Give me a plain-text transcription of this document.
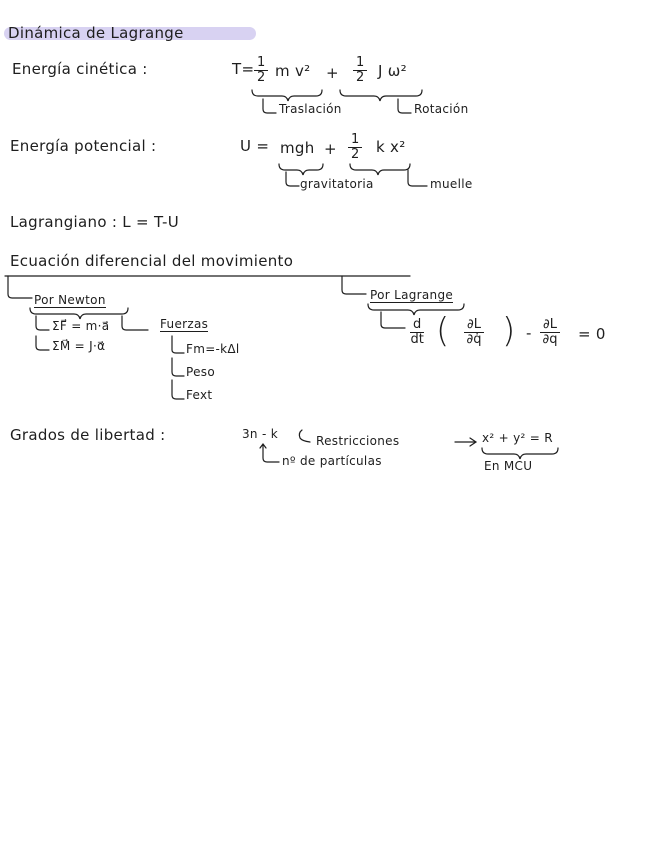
Dinámica de Lagrange
Energía cinética :	$T= \frac{1}{2}$ m $v^2 + \frac{1}{2}$ J ω²
Traslación	Rotación
Energía potencial :	U = mgh + $\frac{1}{2}$ k x²
gravitatoria	muelle
Lagrangiano : L = T-U
Ecuación diferencial del movimiento
Por Newton
ΣF⃗ = m·a⃗
ΣM⃗ = J·α⃗
Fuerzas
Fm=-kΔl
Peso
Fext
Por Lagrange
$\frac{d}{dt}$ ( $\frac{\partial L}{\partial q̇}$ ) - $\frac{\partial L}{\partial q} = 0$
Grados de libertad :	3n - k	Restricciones	x² + y² = R
En MCU
nº de partículas
